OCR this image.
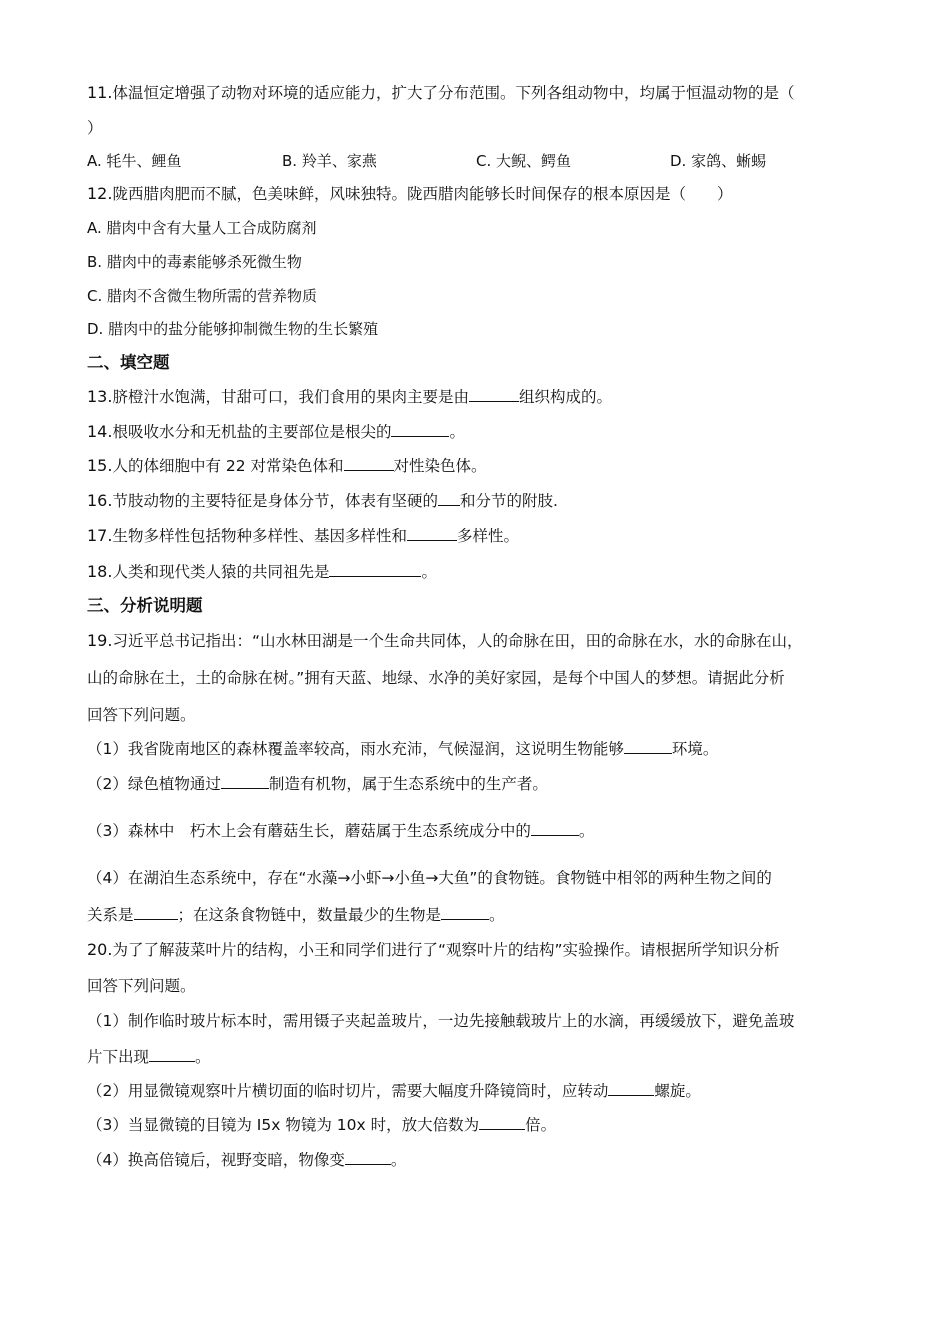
11.体温恒定增强了动物对环境的适应能力，扩大了分布范围。下列各组动物中，均属于恒温动物的是（
）
A. 牦牛、鲤鱼	B. 羚羊、家燕	C. 大鲵、鳄鱼	D. 家鸽、蜥蜴
12.陇西腊肉肥而不腻，色美味鲜，风味独特。陇西腊肉能够长时间保存的根本原因是（　　）
A. 腊肉中含有大量人工合成防腐剂
B. 腊肉中的毒素能够杀死微生物
C. 腊肉不含微生物所需的营养物质
D. 腊肉中的盐分能够抑制微生物的生长繁殖
二、填空题
13.脐橙汁水饱满，甘甜可口，我们食用的果肉主要是由	组织构成的。
14.根吸收水分和无机盐的主要部位是根尖的	。
15.人的体细胞中有 22 对常染色体和	对性染色体。
16.节肢动物的主要特征是身体分节，体表有坚硬的 和分节的附肢.
17.生物多样性包括物种多样性、基因多样性和	多样性。
18.人类和现代类人猿的共同祖先是	。
三、分析说明题
19.习近平总书记指出：“山水林田湖是一个生命共同体，人的命脉在田，田的命脉在水，水的命脉在山，
山的命脉在土，土的命脉在树。”拥有天蓝、地绿、水净的美好家园，是每个中国人的梦想。请据此分析
回答下列问题。
（1）我省陇南地区的森林覆盖率较高，雨水充沛，气候湿润，这说明生物能够	环境。
（2）绿色植物通过	制造有机物，属于生态系统中的生产者。
（3）森林中　朽木上会有蘑菇生长，蘑菇属于生态系统成分中的	。
（4）在湖泊生态系统中，存在“水藻→小虾→小鱼→大鱼”的食物链。食物链中相邻的两种生物之间的
关系是	；在这条食物链中，数量最少的生物是	。
20.为了了解菠菜叶片的结构，小王和同学们进行了“观察叶片的结构”实验操作。请根据所学知识分析
回答下列问题。
（1）制作临时玻片标本时，需用镊子夹起盖玻片，一边先接触载玻片上的水滴，再缓缓放下，避免盖玻
片下出现	。
（2）用显微镜观察叶片横切面的临时切片，需要大幅度升降镜筒时，应转动	螺旋。
（3）当显微镜的目镜为 I5x 物镜为 10x 时，放大倍数为	倍。
（4）换高倍镜后，视野变暗，物像变	。
